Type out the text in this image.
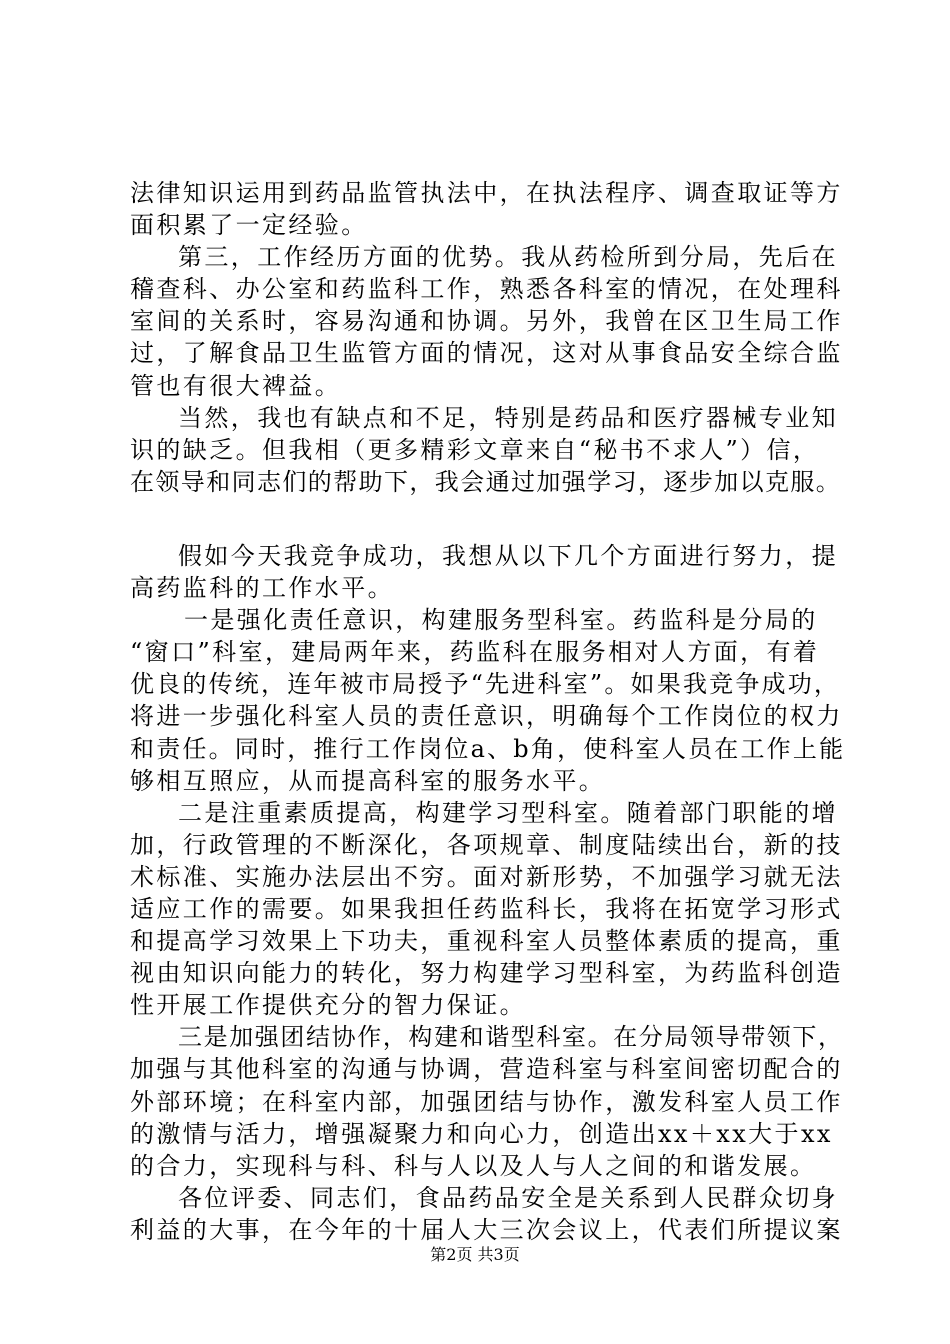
法律知识运用到药品监管执法中，在执法程序、调查取证等方
面积累了一定经验。
第三，工作经历方面的优势。我从药检所到分局，先后在
稽查科、办公室和药监科工作，熟悉各科室的情况，在处理科
室间的关系时，容易沟通和协调。另外，我曾在区卫生局工作
过，了解食品卫生监管方面的情况，这对从事食品安全综合监
管也有很大裨益。
当然，我也有缺点和不足，特别是药品和医疗器械专业知
识的缺乏。但我相（更多精彩文章来自“秘书不求人”）信，
在领导和同志们的帮助下，我会通过加强学习，逐步加以克服。
假如今天我竞争成功，我想从以下几个方面进行努力，提
高药监科的工作水平。
一是强化责任意识，构建服务型科室。药监科是分局的
“窗口”科室，建局两年来，药监科在服务相对人方面，有着
优良的传统，连年被市局授予“先进科室”。如果我竞争成功，
将进一步强化科室人员的责任意识，明确每个工作岗位的权力
和责任。同时，推行工作岗位a、b角，使科室人员在工作上能
够相互照应，从而提高科室的服务水平。
二是注重素质提高，构建学习型科室。随着部门职能的增
加，行政管理的不断深化，各项规章、制度陆续出台，新的技
术标准、实施办法层出不穷。面对新形势，不加强学习就无法
适应工作的需要。如果我担任药监科长，我将在拓宽学习形式
和提高学习效果上下功夫，重视科室人员整体素质的提高，重
视由知识向能力的转化，努力构建学习型科室，为药监科创造
性开展工作提供充分的智力保证。
三是加强团结协作，构建和谐型科室。在分局领导带领下，
加强与其他科室的沟通与协调，营造科室与科室间密切配合的
外部环境；在科室内部，加强团结与协作，激发科室人员工作
的激情与活力，增强凝聚力和向心力，创造出xx＋xx大于xx
的合力，实现科与科、科与人以及人与人之间的和谐发展。
各位评委、同志们，食品药品安全是关系到人民群众切身
利益的大事，在今年的十届人大三次会议上，代表们所提议案
第2页 共3页
